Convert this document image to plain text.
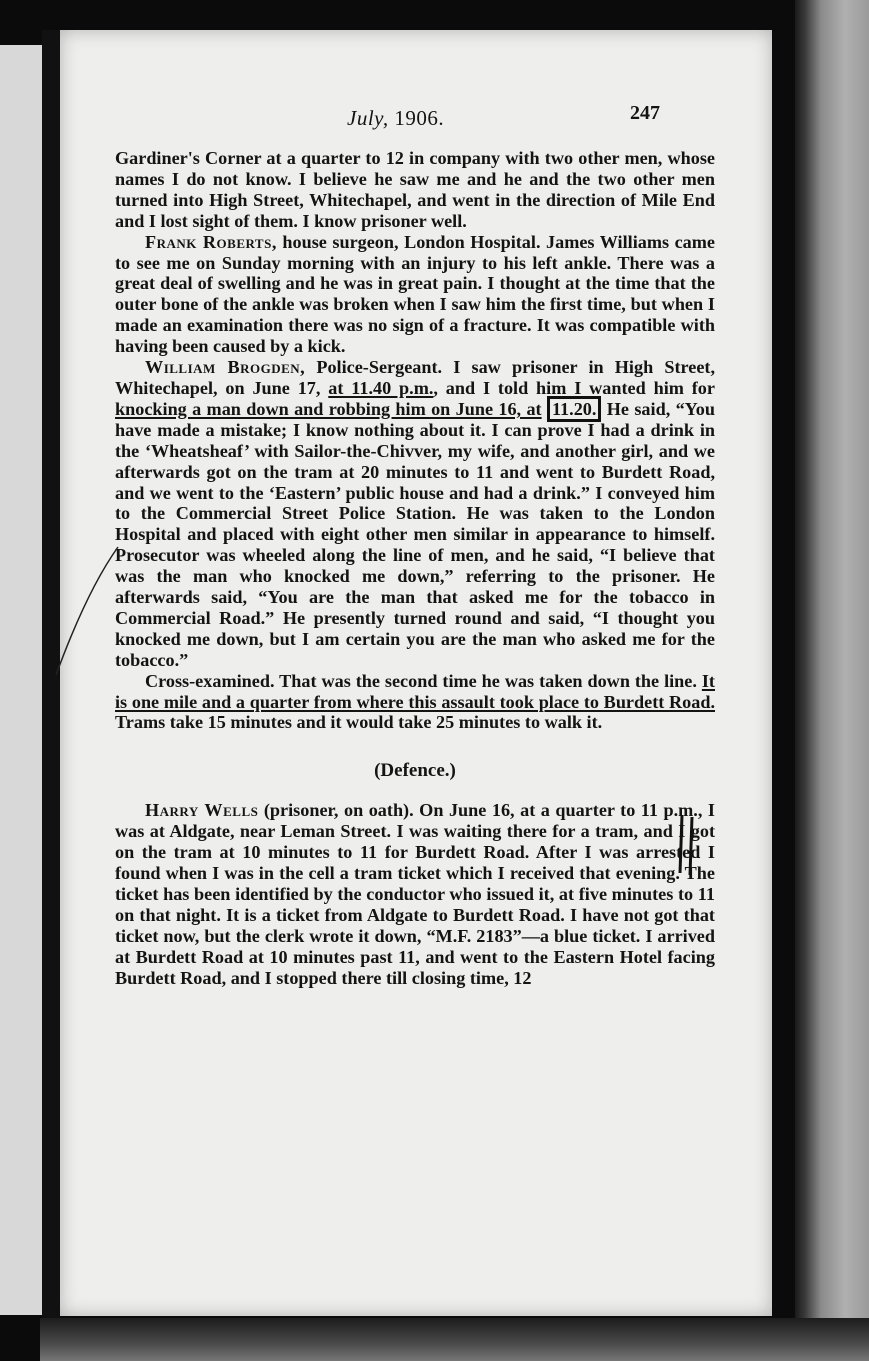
July, 1906.	247

Gardiner's Corner at a quarter to 12 in company with two other men, whose names I do not know. I believe he saw me and he and the two other men turned into High Street, Whitechapel, and went in the direction of Mile End and I lost sight of them. I know prisoner well.

Frank Roberts, house surgeon, London Hospital. James Williams came to see me on Sunday morning with an injury to his left ankle. There was a great deal of swelling and he was in great pain. I thought at the time that the outer bone of the ankle was broken when I saw him the first time, but when I made an examination there was no sign of a fracture. It was compatible with having been caused by a kick.

William Brogden, Police-Sergeant. I saw prisoner in High Street, Whitechapel, on June 17, at 11.40 p.m., and I told him I wanted him for knocking a man down and robbing him on June 16, at 11.20. He said, “You have made a mistake; I know nothing about it. I can prove I had a drink in the ‘Wheatsheaf’ with Sailor-the-Chivver, my wife, and another girl, and we afterwards got on the tram at 20 minutes to 11 and went to Burdett Road, and we went to the ‘Eastern’ public house and had a drink.” I conveyed him to the Commercial Street Police Station. He was taken to the London Hospital and placed with eight other men similar in appearance to himself. Prosecutor was wheeled along the line of men, and he said, “I believe that was the man who knocked me down,” referring to the prisoner. He afterwards said, “You are the man that asked me for the tobacco in Commercial Road.” He presently turned round and said, “I thought you knocked me down, but I am certain you are the man who asked me for the tobacco.”

Cross-examined. That was the second time he was taken down the line. It is one mile and a quarter from where this assault took place to Burdett Road. Trams take 15 minutes and it would take 25 minutes to walk it.

(Defence.)

Harry Wells (prisoner, on oath). On June 16, at a quarter to 11 p.m., I was at Aldgate, near Leman Street. I was waiting there for a tram, and I got on the tram at 10 minutes to 11 for Burdett Road. After I was arrested I found when I was in the cell a tram ticket which I received that evening. The ticket has been identified by the conductor who issued it, at five minutes to 11 on that night. It is a ticket from Aldgate to Burdett Road. I have not got that ticket now, but the clerk wrote it down, “M.F. 2183”—a blue ticket. I arrived at Burdett Road at 10 minutes past 11, and went to the Eastern Hotel facing Burdett Road, and I stopped there till closing time, 12
